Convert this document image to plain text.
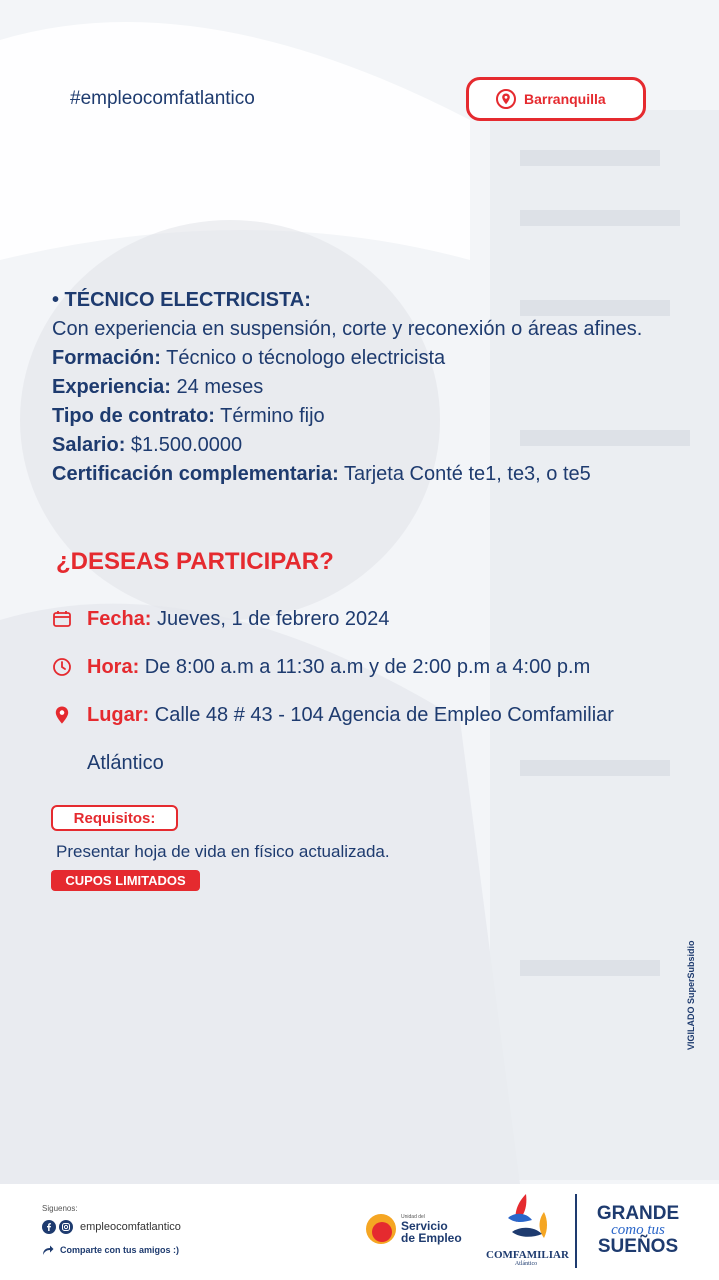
#empleocomfatlantico	Barranquilla
• TÉCNICO ELECTRICISTA:
Con experiencia en suspensión, corte y reconexión o áreas afines.
Formación: Técnico o técnologo electricista
Experiencia: 24 meses
Tipo de contrato: Término fijo
Salario: $1.500.0000
Certificación complementaria: Tarjeta Conté te1, te3, o te5
¿DESEAS PARTICIPAR?
Fecha: Jueves, 1 de febrero 2024
Hora: De 8:00 a.m a 11:30 a.m y de 2:00 p.m a 4:00 p.m
Lugar: Calle 48 # 43 - 104 Agencia de Empleo Comfamiliar
Atlántico
Requisitos:
Presentar hoja de vida en físico actualizada.
CUPOS LIMITADOS
VIGILADO SuperSubsidio
Siguenos:
empleocomfatlantico
Comparte con tus amigos :)
Unidad del
Servicio
de Empleo
COMFAMILIAR
Atlántico
GRANDE
como tus
SUEÑOS
